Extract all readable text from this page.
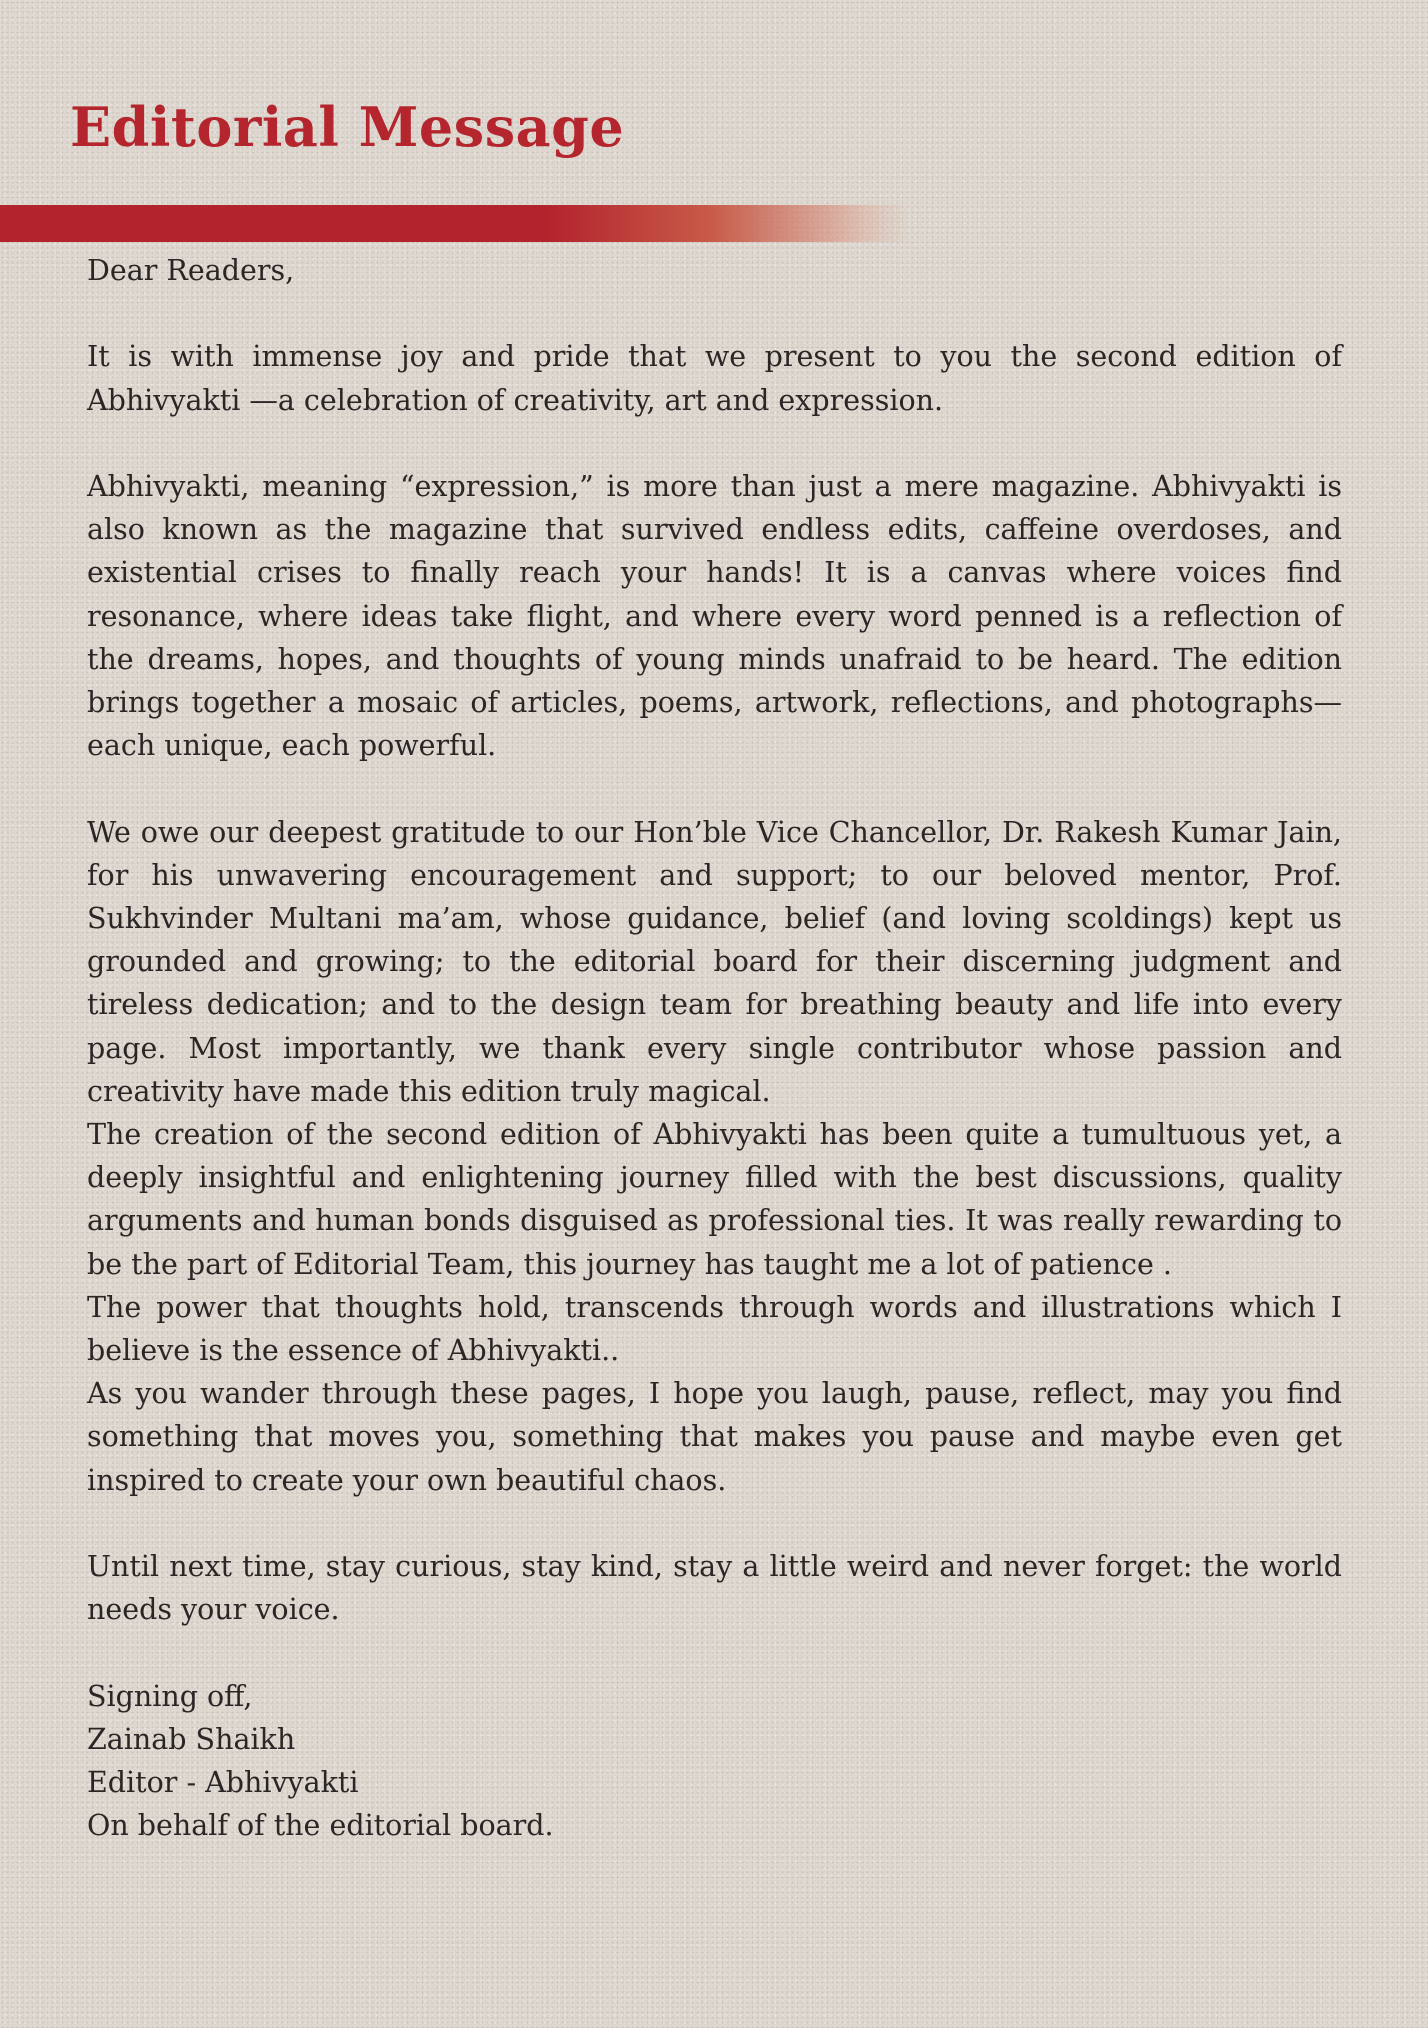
Editorial Message

Dear Readers,

It is with immense joy and pride that we present to you the second edition of Abhivyakti —a celebration of creativity, art and expression.

Abhivyakti, meaning “expression,” is more than just a mere magazine. Abhivyakti is also known as the magazine that survived endless edits, caffeine overdoses, and existential crises to finally reach your hands! It is a canvas where voices find resonance, where ideas take flight, and where every word penned is a reflection of the dreams, hopes, and thoughts of young minds unafraid to be heard. The edition brings together a mosaic of articles, poems, artwork, reflections, and photographs—each unique, each powerful.

We owe our deepest gratitude to our Hon’ble Vice Chancellor, Dr. Rakesh Kumar Jain, for his unwavering encouragement and support; to our beloved mentor, Prof. Sukhvinder Multani ma’am, whose guidance, belief (and loving scoldings) kept us grounded and growing; to the editorial board for their discerning judgment and tireless dedication; and to the design team for breathing beauty and life into every page. Most importantly, we thank every single contributor whose passion and creativity have made this edition truly magical.

The creation of the second edition of Abhivyakti has been quite a tumultuous yet, a deeply insightful and enlightening journey filled with the best discussions, quality arguments and human bonds disguised as professional ties. It was really rewarding to be the part of Editorial Team, this journey has taught me a lot of patience .

The power that thoughts hold, transcends through words and illustrations which I believe is the essence of Abhivyakti..

As you wander through these pages, I hope you laugh, pause, reflect, may you find something that moves you, something that makes you pause and maybe even get inspired to create your own beautiful chaos.

Until next time, stay curious, stay kind, stay a little weird and never forget: the world needs your voice.

Signing off,

Zainab Shaikh

Editor - Abhivyakti

On behalf of the editorial board.
